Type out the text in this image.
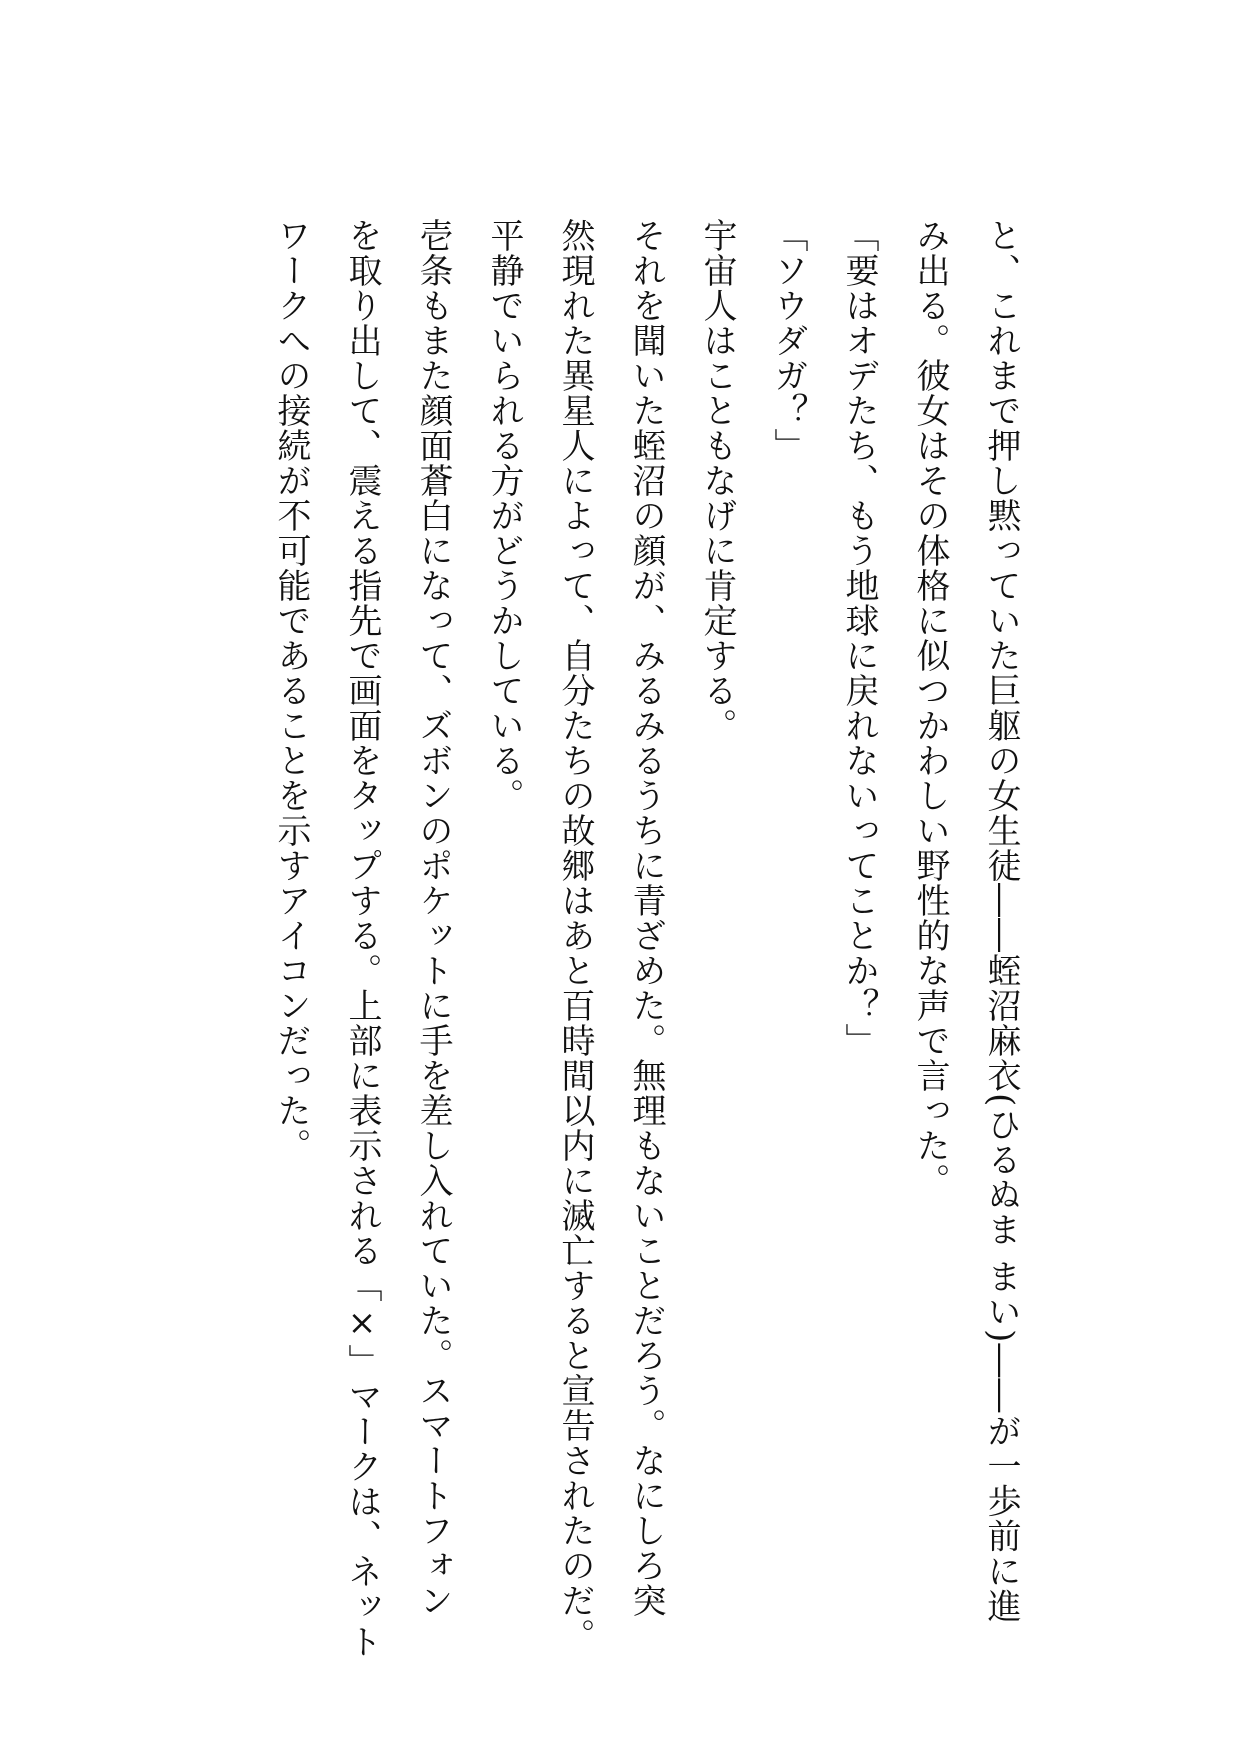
と、これまで押し黙っていた巨躯の女生徒――蛭沼麻衣(ひるぬま まい)――が一歩前に進
み出る。彼女はその体格に似つかわしい野性的な声で言った。
「要はオデたち、もう地球に戻れないってことか？」
「ソウダガ？」
宇宙人はこともなげに肯定する。
それを聞いた蛭沼の顔が、みるみるうちに青ざめた。無理もないことだろう。なにしろ突
然現れた異星人によって、自分たちの故郷はあと百時間以内に滅亡すると宣告されたのだ。
平静でいられる方がどうかしている。
壱条もまた顔面蒼白になって、ズボンのポケットに手を差し入れていた。スマートフォン
を取り出して、震える指先で画面をタップする。上部に表示される「×」マークは、ネット
ワークへの接続が不可能であることを示すアイコンだった。
